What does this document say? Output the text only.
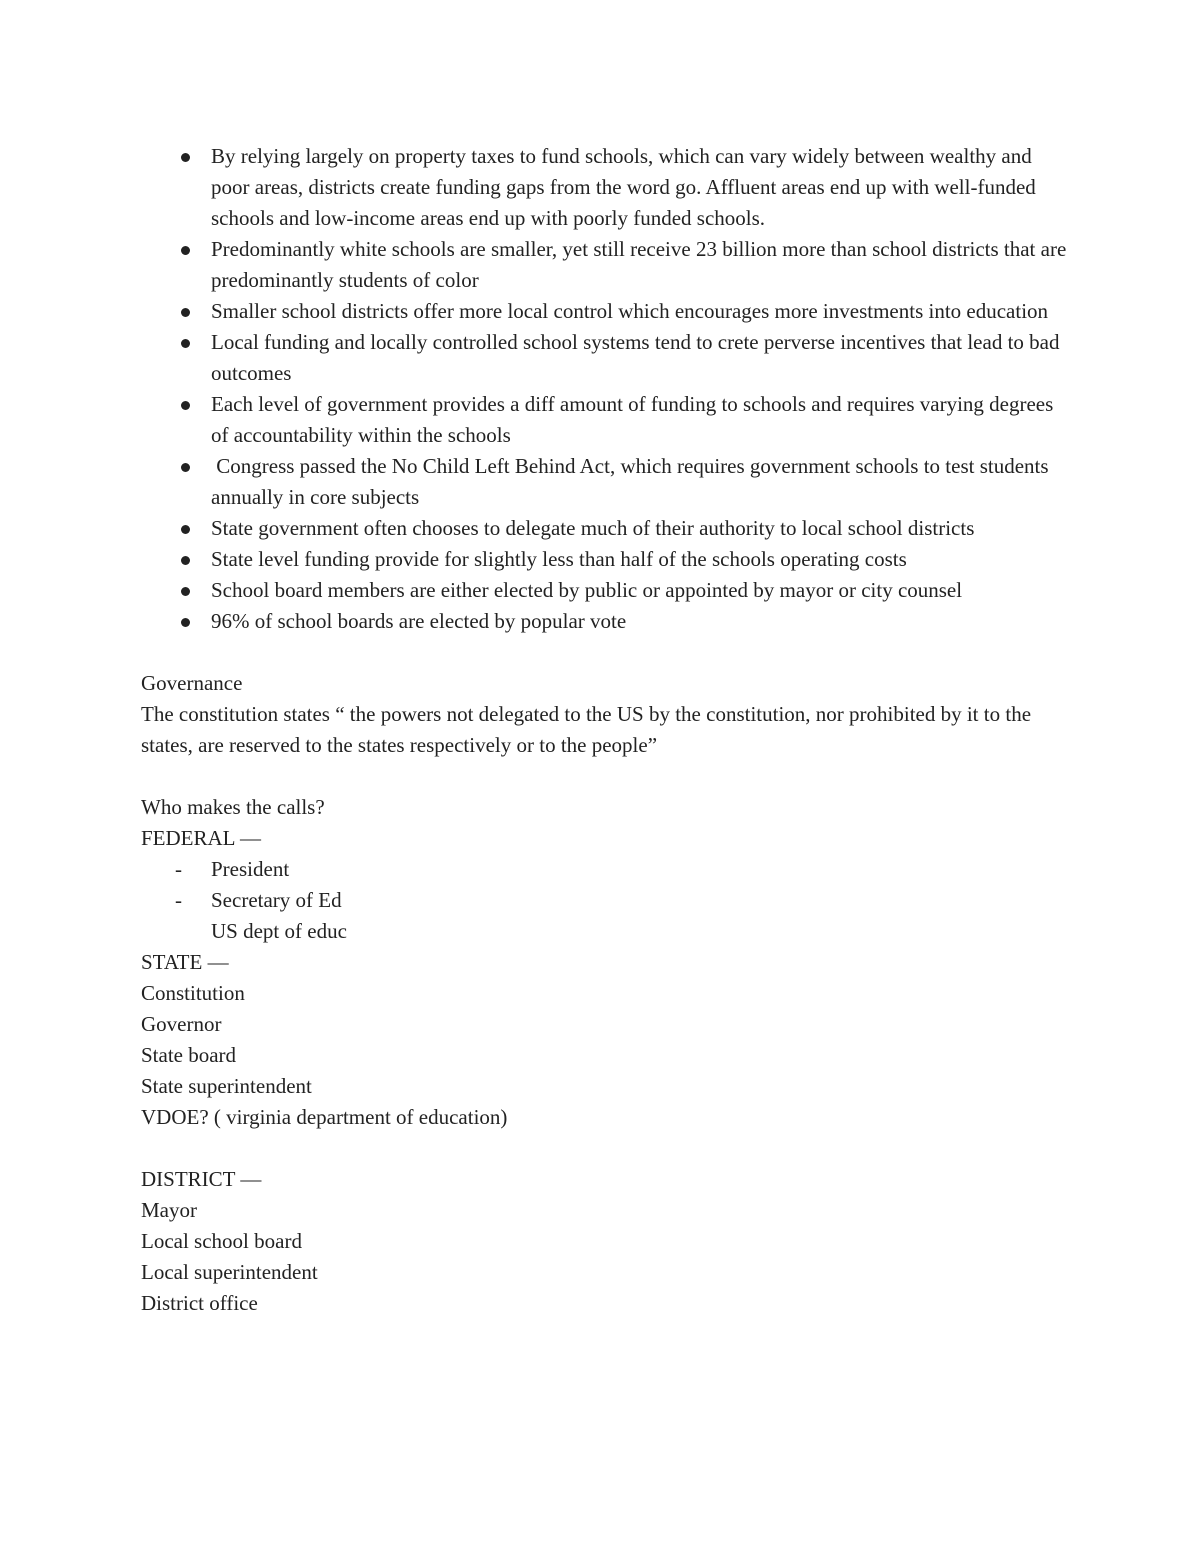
By relying largely on property taxes to fund schools, which can vary widely between wealthy and poor areas, districts create funding gaps from the word go. Affluent areas end up with well-funded schools and low-income areas end up with poorly funded schools.
Predominantly white schools are smaller, yet still receive 23 billion more than school districts that are predominantly students of color
Smaller school districts offer more local control which encourages more investments into education
Local funding and locally controlled school systems tend to crete perverse incentives that lead to bad outcomes
Each level of government provides a diff amount of funding to schools and requires varying degrees of accountability within the schools
Congress passed the No Child Left Behind Act, which requires government schools to test students annually in core subjects
State government often chooses to delegate much of their authority to local school districts
State level funding provide for slightly less than half of the schools operating costs
School board members are either elected by public or appointed by mayor or city counsel
96% of school boards are elected by popular vote
Governance
The constitution states “ the powers not delegated to the US by the constitution, nor prohibited by it to the states, are reserved to the states respectively or to the people”
Who makes the calls?
FEDERAL —
- President
- Secretary of Ed
US dept of educ
STATE —
Constitution
Governor
State board
State superintendent
VDOE? ( virginia department of education)
DISTRICT —
Mayor
Local school board
Local superintendent
District office
